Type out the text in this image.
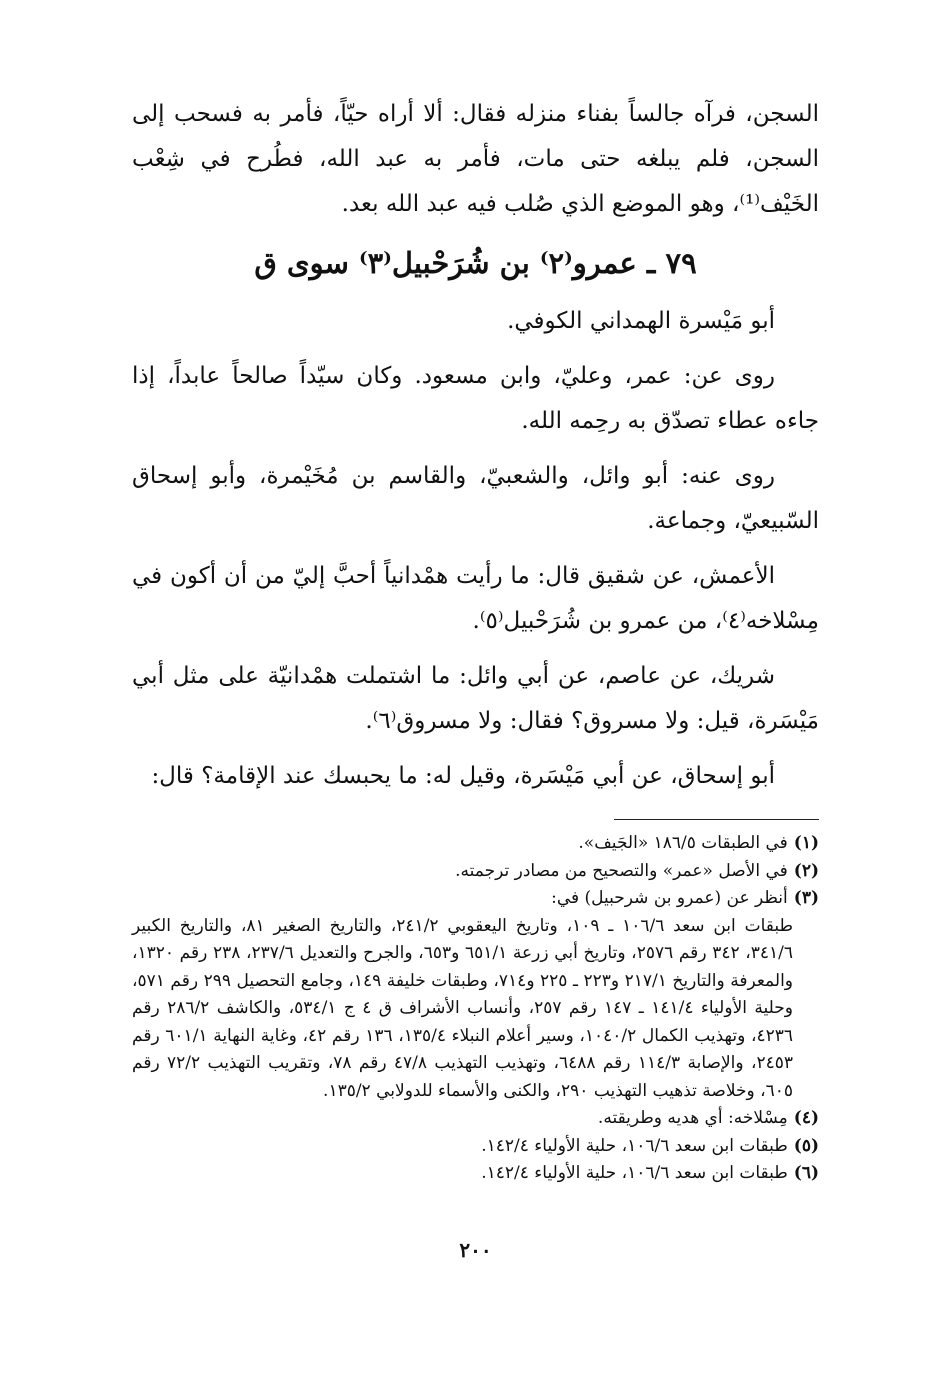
السجن، فرآه جالساً بفناء منزله فقال: ألا أراه حيّاً، فأمر به فسحب إلى السجن، فلم يبلغه حتى مات، فأمر به عبد الله، فطُرح في شِعْب الخَيْف⁽¹⁾، وهو الموضع الذي صُلب فيه عبد الله بعد.

٧٩ ـ عمرو⁽٢⁾ بن شُرَحْبيل⁽٣⁾ سوى ق

أبو مَيْسرة الهمداني الكوفي.

روى عن: عمر، وعليّ، وابن مسعود. وكان سيّداً صالحاً عابداً، إذا جاءه عطاء تصدّق به رحِمه الله.

روى عنه: أبو وائل، والشعبيّ، والقاسم بن مُخَيْمرة، وأبو إسحاق السّبيعيّ، وجماعة.

الأعمش، عن شقيق قال: ما رأيت همْدانياً أحبَّ إليّ من أن أكون في مِسْلاخه⁽٤⁾، من عمرو بن شُرَحْبيل⁽٥⁾.

شريك، عن عاصم، عن أبي وائل: ما اشتملت همْدانيّة على مثل أبي مَيْسَرة، قيل: ولا مسروق؟ فقال: ولا مسروق⁽٦⁾.

أبو إسحاق، عن أبي مَيْسَرة، وقيل له: ما يحبسك عند الإقامة؟ قال:

(١)في الطبقات ١٨٦/٥ «الجَيف».

(٢)في الأصل «عمر» والتصحيح من مصادر ترجمته.

(٣)أنظر عن (عمرو بن شرحبيل) في:

طبقات ابن سعد ١٠٦/٦ ـ ١٠٩، وتاريخ اليعقوبي ٢٤١/٢، والتاريخ الصغير ٨١، والتاريخ الكبير ٣٤١/٦، ٣٤٢ رقم ٢٥٧٦، وتاريخ أبي زرعة ٦٥١/١ و٦٥٣، والجرح والتعديل ٢٣٧/٦، ٢٣٨ رقم ١٣٢٠، والمعرفة والتاريخ ٢١٧/١ و٢٢٣ ـ ٢٢٥ و٧١٤، وطبقات خليفة ١٤٩، وجامع التحصيل ٢٩٩ رقم ٥٧١، وحلية الأولياء ١٤١/٤ ـ ١٤٧ رقم ٢٥٧، وأنساب الأشراف ق ٤ ج ٥٣٤/١، والكاشف ٢٨٦/٢ رقم ٤٢٣٦، وتهذيب الكمال ١٠٤٠/٢، وسير أعلام النبلاء ١٣٥/٤، ١٣٦ رقم ٤٢، وغاية النهاية ٦٠١/١ رقم ٢٤٥٣، والإصابة ١١٤/٣ رقم ٦٤٨٨، وتهذيب التهذيب ٤٧/٨ رقم ٧٨، وتقريب التهذيب ٧٢/٢ رقم ٦٠٥، وخلاصة تذهيب التهذيب ٢٩٠، والكنى والأسماء للدولابي ١٣٥/٢.

(٤)مِسْلاخه: أي هديه وطريقته.

(٥)طبقات ابن سعد ١٠٦/٦، حلية الأولياء ١٤٢/٤.

(٦)طبقات ابن سعد ١٠٦/٦، حلية الأولياء ١٤٢/٤.

٢٠٠
